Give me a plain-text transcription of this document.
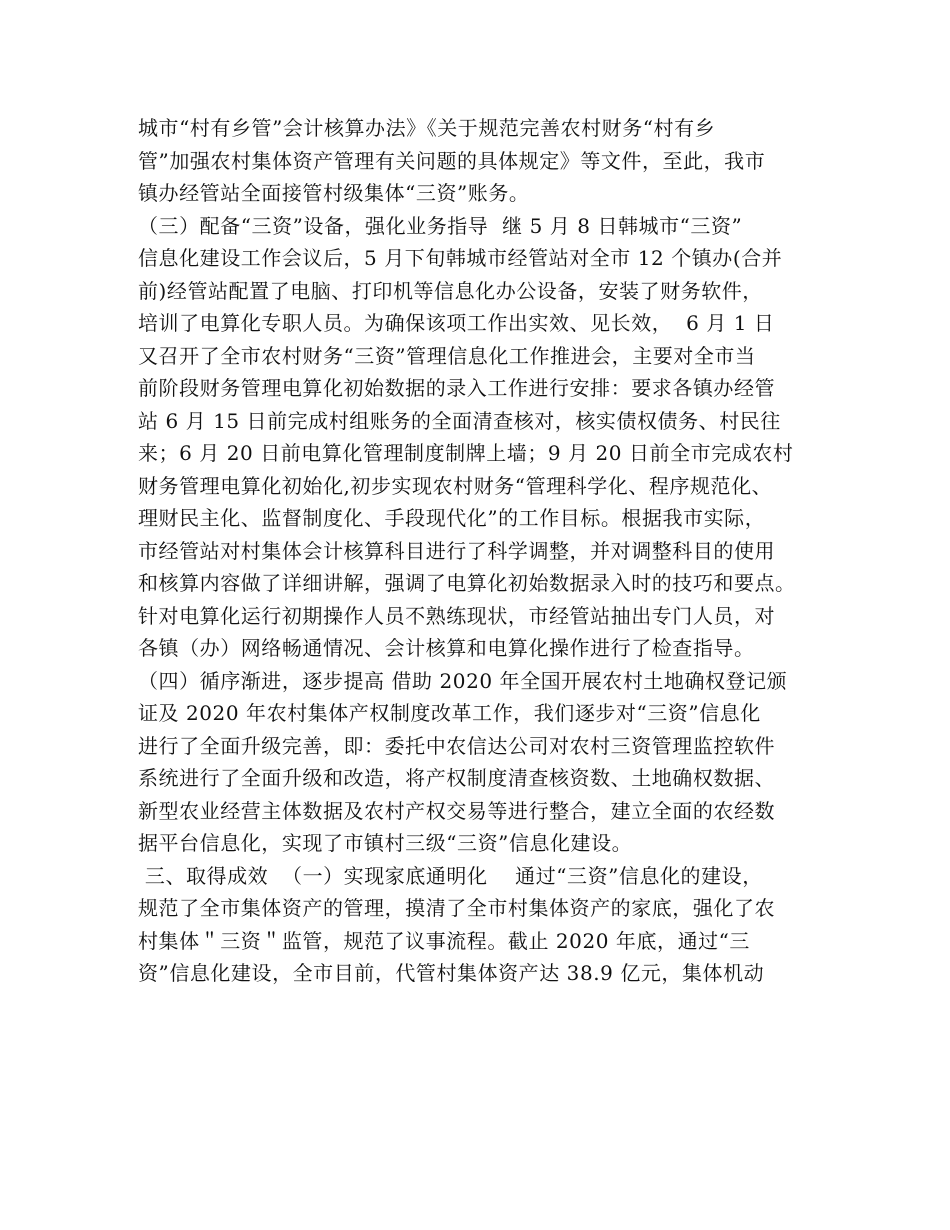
城市“村有乡管”会计核算办法》《关于规范完善农村财务“村有乡
管”加强农村集体资产管理有关问题的具体规定》等文件，至此，我市
镇办经管站全面接管村级集体“三资”账务。
（三）配备“三资”设备，强化业务指导  继 5 月 8 日韩城市“三资”
信息化建设工作会议后，5 月下旬韩城市经管站对全市 12 个镇办(合并
前)经管站配置了电脑、打印机等信息化办公设备，安装了财务软件，
培训了电算化专职人员。为确保该项工作出实效、见长效，  6 月 1 日
又召开了全市农村财务“三资”管理信息化工作推进会，主要对全市当
前阶段财务管理电算化初始数据的录入工作进行安排：要求各镇办经管
站 6 月 15 日前完成村组账务的全面清查核对，核实债权债务、村民往
来；6 月 20 日前电算化管理制度制牌上墙；9 月 20 日前全市完成农村
财务管理电算化初始化,初步实现农村财务“管理科学化、程序规范化、
理财民主化、监督制度化、手段现代化”的工作目标。根据我市实际，
市经管站对村集体会计核算科目进行了科学调整，并对调整科目的使用
和核算内容做了详细讲解，强调了电算化初始数据录入时的技巧和要点。
针对电算化运行初期操作人员不熟练现状，市经管站抽出专门人员，对
各镇（办）网络畅通情况、会计核算和电算化操作进行了检查指导。
（四）循序渐进，逐步提高 借助 2020 年全国开展农村土地确权登记颁
证及 2020 年农村集体产权制度改革工作，我们逐步对“三资”信息化
进行了全面升级完善，即：委托中农信达公司对农村三资管理监控软件
系统进行了全面升级和改造，将产权制度清查核资数、土地确权数据、
新型农业经营主体数据及农村产权交易等进行整合，建立全面的农经数
据平台信息化，实现了市镇村三级“三资”信息化建设。
三、取得成效  （一）实现家底通明化    通过“三资”信息化的建设，
规范了全市集体资产的管理，摸清了全市村集体资产的家底，强化了农
村集体＂三资＂监管，规范了议事流程。截止 2020 年底，通过“三
资”信息化建设，全市目前，代管村集体资产达 38.9 亿元，集体机动
